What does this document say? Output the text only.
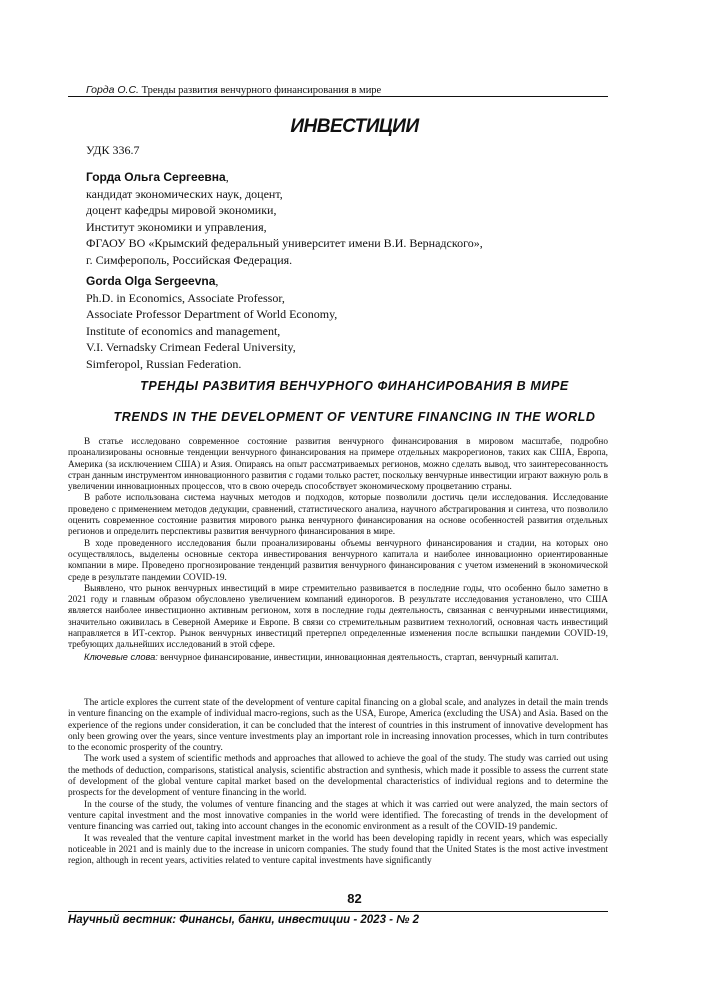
Горда О.С. Тренды развития венчурного финансирования в мире
ИНВЕСТИЦИИ
УДК 336.7
Горда Ольга Сергеевна,
кандидат экономических наук, доцент,
доцент кафедры мировой экономики,
Институт экономики и управления,
ФГАОУ ВО «Крымский федеральный университет имени В.И. Вернадского»,
г. Симферополь, Российская Федерация.
Gorda Olga Sergeevna,
Ph.D. in Economics, Associate Professor,
Associate Professor Department of World Economy,
Institute of economics and management,
V.I. Vernadsky Crimean Federal University,
Simferopol, Russian Federation.
ТРЕНДЫ РАЗВИТИЯ ВЕНЧУРНОГО ФИНАНСИРОВАНИЯ В МИРЕ
TRENDS IN THE DEVELOPMENT OF VENTURE FINANCING IN THE WORLD

В статье исследовано современное состояние развития венчурного финансирования в мировом масштабе, подробно проанализированы основные тенденции венчурного финансирования на примере отдельных макрорегионов, таких как США, Европа, Америка (за исключением США) и Азия. Опираясь на опыт рассматриваемых регионов, можно сделать вывод, что заинтересованность стран данным инструментом инновационного развития с годами только растет, поскольку венчурные инвестиции играют важную роль в увеличении инновационных процессов, что в свою очередь способствует экономическому процветанию страны.

В работе использована система научных методов и подходов, которые позволили достичь цели исследования. Исследование проведено с применением методов дедукции, сравнений, статистического анализа, научного абстрагирования и синтеза, что позволило оценить современное состояние развития мирового рынка венчурного финансирования на основе особенностей развития отдельных регионов и определить перспективы развития венчурного финансирования в мире.

В ходе проведенного исследования были проанализированы объемы венчурного финансирования и стадии, на которых оно осуществлялось, выделены основные сектора инвестирования венчурного капитала и наиболее инновационно ориентированные компании в мире. Проведено прогнозирование тенденций развития венчурного финансирования с учетом изменений в экономической среде в результате пандемии COVID-19.

Выявлено, что рынок венчурных инвестиций в мире стремительно развивается в последние годы, что особенно было заметно в 2021 году и главным образом обусловлено увеличением компаний единорогов. В результате исследования установлено, что США является наиболее инвестиционно активным регионом, хотя в последние годы деятельность, связанная с венчурными инвестициями, значительно оживилась в Северной Америке и Европе. В связи со стремительным развитием технологий, основная часть инвестиций направляется в ИТ-сектор. Рынок венчурных инвестиций претерпел определенные изменения после вспышки пандемии COVID-19, требующих дальнейших исследований в этой сфере.

Ключевые слова: венчурное финансирование, инвестиции, инновационная деятельность, стартап, венчурный капитал.

The article explores the current state of the development of venture capital financing on a global scale, and analyzes in detail the main trends in venture financing on the example of individual macro-regions, such as the USA, Europe, America (excluding the USA) and Asia. Based on the experience of the regions under consideration, it can be concluded that the interest of countries in this instrument of innovative development has only been growing over the years, since venture investments play an important role in increasing innovation processes, which in turn contributes to the economic prosperity of the country.

The work used a system of scientific methods and approaches that allowed to achieve the goal of the study. The study was carried out using the methods of deduction, comparisons, statistical analysis, scientific abstraction and synthesis, which made it possible to assess the current state of development of the global venture capital market based on the developmental characteristics of individual regions and to determine the prospects for the development of venture financing in the world.

In the course of the study, the volumes of venture financing and the stages at which it was carried out were analyzed, the main sectors of venture capital investment and the most innovative companies in the world were identified. The forecasting of trends in the development of venture financing was carried out, taking into account changes in the economic environment as a result of the COVID-19 pandemic.

It was revealed that the venture capital investment market in the world has been developing rapidly in recent years, which was especially noticeable in 2021 and is mainly due to the increase in unicorn companies. The study found that the United States is the most active investment region, although in recent years, activities related to venture capital investments have significantly

82
Научный вестник: Финансы, банки, инвестиции - 2023 - № 2
